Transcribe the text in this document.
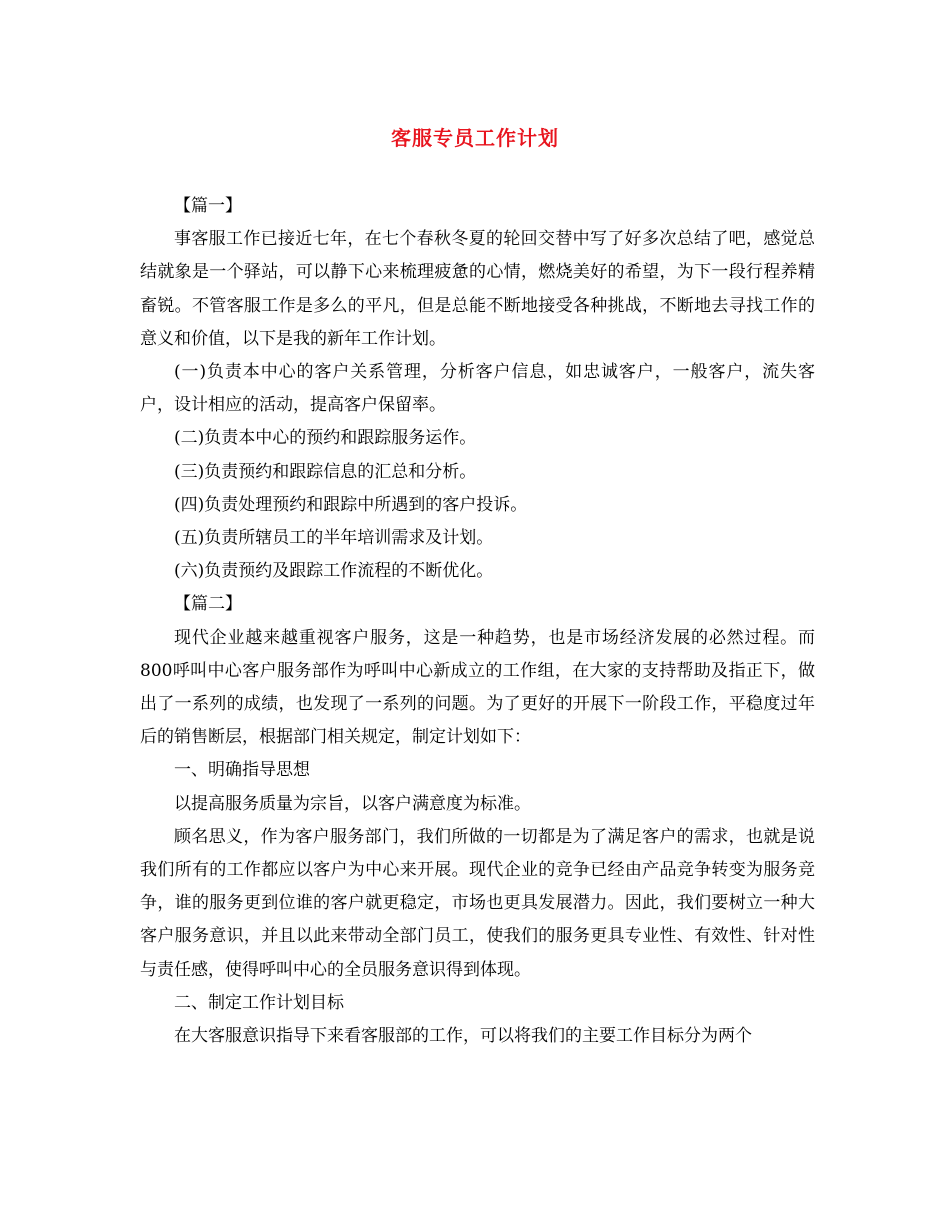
客服专员工作计划

【篇一】

事客服工作已接近七年，在七个春秋冬夏的轮回交替中写了好多次总结了吧，感觉总结就象是一个驿站，可以静下心来梳理疲惫的心情，燃烧美好的希望，为下一段行程养精畜锐。不管客服工作是多么的平凡，但是总能不断地接受各种挑战，不断地去寻找工作的意义和价值，以下是我的新年工作计划。

(一)负责本中心的客户关系管理，分析客户信息，如忠诚客户，一般客户，流失客户，设计相应的活动，提高客户保留率。

(二)负责本中心的预约和跟踪服务运作。

(三)负责预约和跟踪信息的汇总和分析。

(四)负责处理预约和跟踪中所遇到的客户投诉。

(五)负责所辖员工的半年培训需求及计划。

(六)负责预约及跟踪工作流程的不断优化。

【篇二】

现代企业越来越重视客户服务，这是一种趋势，也是市场经济发展的必然过程。而800呼叫中心客户服务部作为呼叫中心新成立的工作组，在大家的支持帮助及指正下，做出了一系列的成绩，也发现了一系列的问题。为了更好的开展下一阶段工作，平稳度过年后的销售断层，根据部门相关规定，制定计划如下：

一、明确指导思想

以提高服务质量为宗旨，以客户满意度为标准。

顾名思义，作为客户服务部门，我们所做的一切都是为了满足客户的需求，也就是说我们所有的工作都应以客户为中心来开展。现代企业的竞争已经由产品竞争转变为服务竞争，谁的服务更到位谁的客户就更稳定，市场也更具发展潜力。因此，我们要树立一种大客户服务意识，并且以此来带动全部门员工，使我们的服务更具专业性、有效性、针对性与责任感，使得呼叫中心的全员服务意识得到体现。

二、制定工作计划目标

在大客服意识指导下来看客服部的工作，可以将我们的主要工作目标分为两个
